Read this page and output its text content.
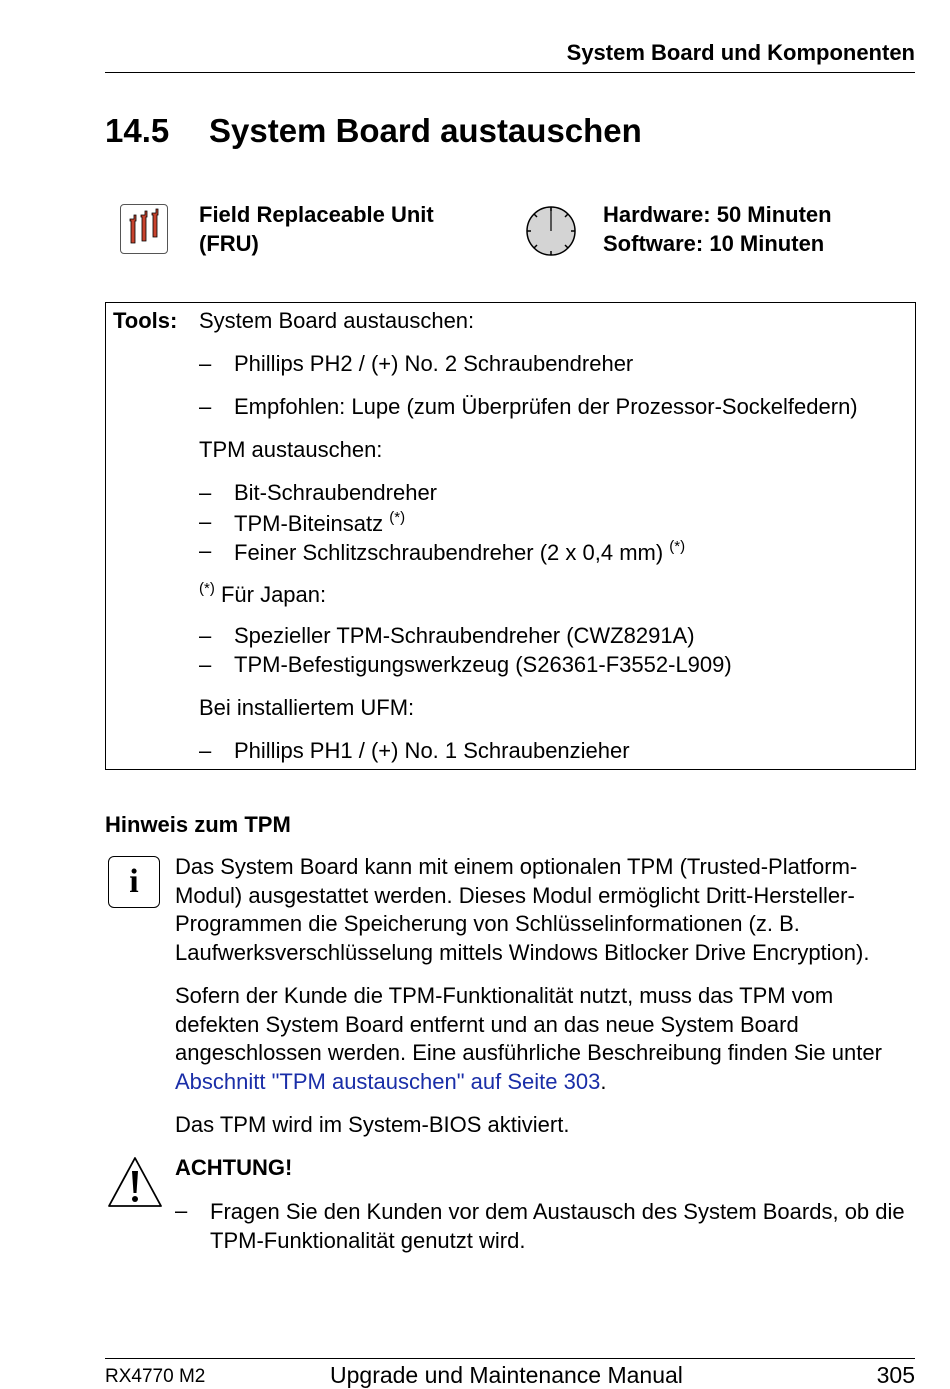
System Board und Komponenten
14.5 System Board austauschen
Field Replaceable Unit
(FRU)
Hardware: 50 Minuten
Software: 10 Minuten
Tools: System Board austauschen:
– Phillips PH2 / (+) No. 2 Schraubendreher
– Empfohlen: Lupe (zum Überprüfen der Prozessor-Sockelfedern)
TPM austauschen:
– Bit-Schraubendreher
– TPM-Biteinsatz (*)
– Feiner Schlitzschraubendreher (2 x 0,4 mm) (*)
(*) Für Japan:
– Spezieller TPM-Schraubendreher (CWZ8291A)
– TPM-Befestigungswerkzeug (S26361-F3552-L909)
Bei installiertem UFM:
– Phillips PH1 / (+) No. 1 Schraubenzieher
Hinweis zum TPM
i	Das System Board kann mit einem optionalen TPM (Trusted-Platform-Modul) ausgestattet werden. Dieses Modul ermöglicht Dritt-Hersteller-Programmen die Speicherung von Schlüsselinformationen (z. B. Laufwerksverschlüsselung mittels Windows Bitlocker Drive Encryption).
Sofern der Kunde die TPM-Funktionalität nutzt, muss das TPM vom defekten System Board entfernt und an das neue System Board angeschlossen werden. Eine ausführliche Beschreibung finden Sie unter Abschnitt "TPM austauschen" auf Seite 303.
Das TPM wird im System-BIOS aktiviert.
ACHTUNG!
– Fragen Sie den Kunden vor dem Austausch des System Boards, ob die TPM-Funktionalität genutzt wird.
RX4770 M2	Upgrade und Maintenance Manual	305
